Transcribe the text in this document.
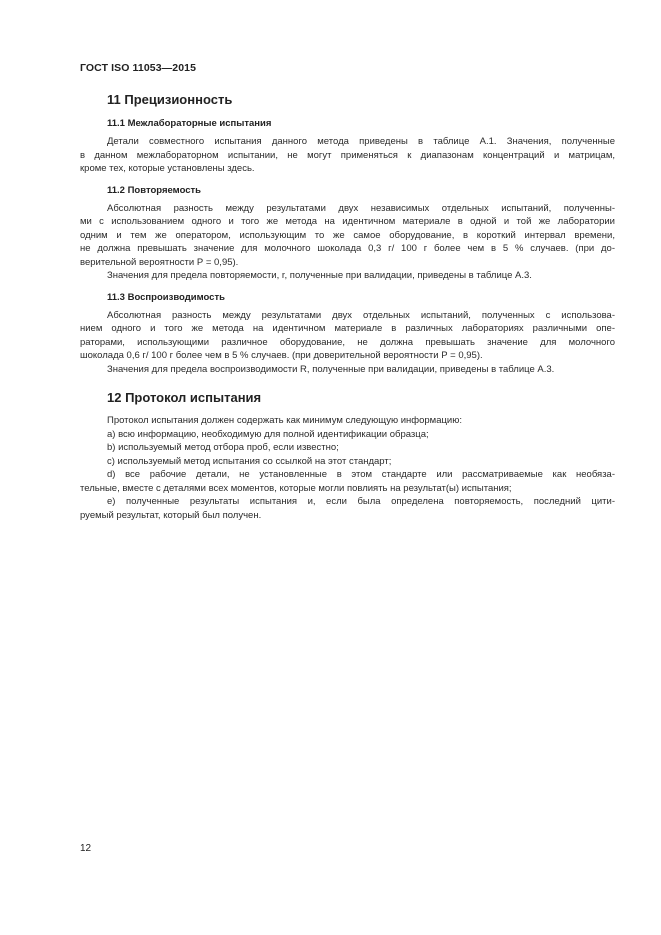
ГОСТ ISO 11053—2015
11 Прецизионность
11.1 Межлабораторные испытания
Детали совместного испытания данного метода приведены в таблице А.1. Значения, полученные
в данном межлабораторном испытании, не могут применяться к диапазонам концентраций и матрицам,
кроме тех, которые установлены здесь.
11.2 Повторяемость
Абсолютная разность между результатами двух независимых отдельных испытаний, полученны-
ми с использованием одного и того же метода на идентичном материале в одной и той же лаборатории
одним и тем же оператором, использующим то же самое оборудование, в короткий интервал времени,
не должна превышать значение для молочного шоколада 0,3 г/ 100 г более чем в 5 % случаев. (при до-
верительной вероятности Р = 0,95).
Значения для предела повторяемости, r, полученные при валидации, приведены в таблице А.3.
11.3 Воспроизводимость
Абсолютная разность между результатами двух отдельных испытаний, полученных с использова-
нием одного и того же метода на идентичном материале в различных лабораториях различными опе-
раторами, использующими различное оборудование, не должна превышать значение для молочного
шоколада 0,6 г/ 100 г более чем в 5 % случаев. (при доверительной вероятности Р = 0,95).
Значения для предела воспроизводимости R, полученные при валидации, приведены в таблице А.3.
12 Протокол испытания
Протокол испытания должен содержать как минимум следующую информацию:
а) всю информацию, необходимую для полной идентификации образца;
b) используемый метод отбора проб, если известно;
c) используемый метод испытания со ссылкой на этот стандарт;
d) все рабочие детали, не установленные в этом стандарте или рассматриваемые как необяза-
тельные, вместе с деталями всех моментов, которые могли повлиять на результат(ы) испытания;
е) полученные результаты испытания и, если была определена повторяемость, последний цити-
руемый результат, который был получен.
12
